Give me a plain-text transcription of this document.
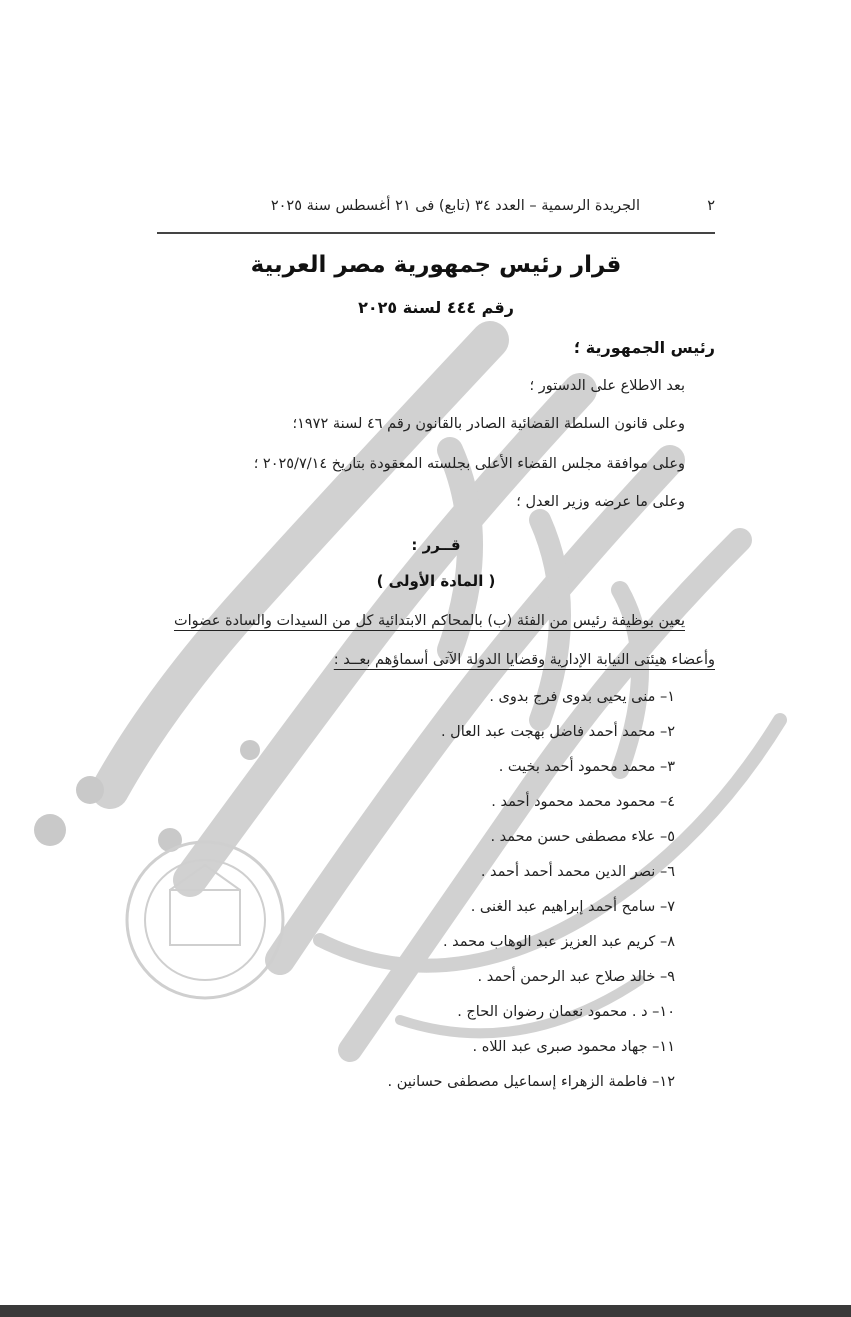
٢
الجريدة الرسمية – العدد ٣٤ (تابع) فى ٢١ أغسطس سنة ٢٠٢٥
قرار رئيس جمهورية مصر العربية
رقم ٤٤٤ لسنة ٢٠٢٥
رئيس الجمهورية ؛
بعد الاطلاع على الدستور ؛
وعلى قانون السلطة القضائية الصادر بالقانون رقم ٤٦ لسنة ١٩٧٢؛
وعلى موافقة مجلس القضاء الأعلى بجلسته المعقودة بتاريخ ٢٠٢٥/٧/١٤ ؛
وعلى ما عرضه وزير العدل ؛
قــرر :
( المادة الأولى )
يعين بوظيفة رئيس من الفئة (ب) بالمحاكم الابتدائية كل من السيدات والسادة عضوات
وأعضاء هيئتى النيابة الإدارية وقضايا الدولة الآتى أسماؤهم بعــد :
١– منى يحيى بدوى فرج بدوى .
٢– محمد أحمد فاضل بهجت عبد العال .
٣– محمد محمود أحمد بخيت .
٤– محمود محمد محمود أحمد .
٥– علاء مصطفى حسن محمد .
٦– نصر الدين محمد أحمد أحمد .
٧– سامح أحمد إبراهيم عبد الغنى .
٨– كريم عبد العزيز عبد الوهاب محمد .
٩– خالد صلاح عبد الرحمن أحمد .
١٠– د . محمود نعمان رضوان الحاج .
١١– جهاد محمود صبرى عبد اللاه .
١٢– فاطمة الزهراء إسماعيل مصطفى حسانين .
